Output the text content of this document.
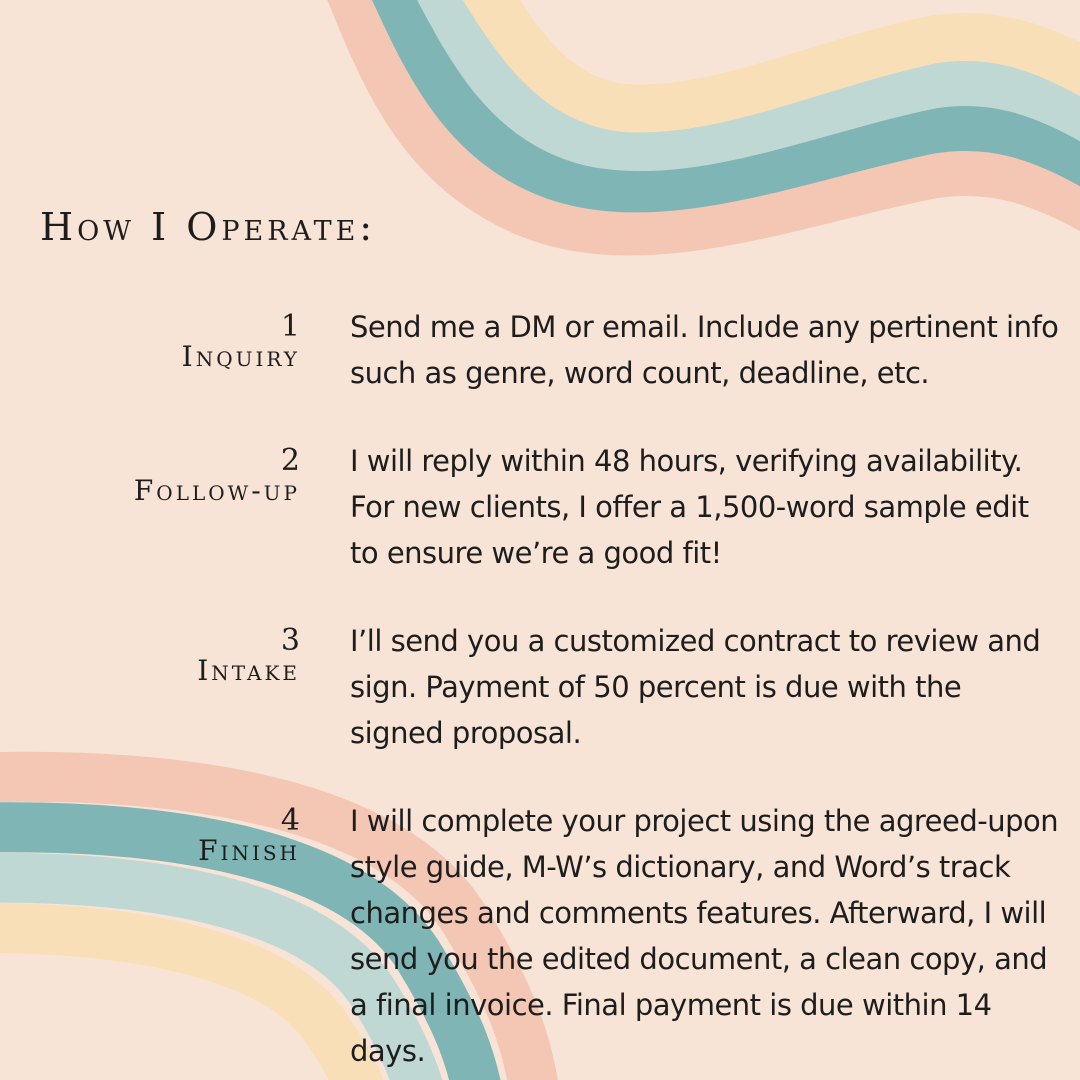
How I Operate:
1
Inquiry

Send me a DM or email. Include any pertinent info such as genre, word count, deadline, etc.

2
Follow-up

I will reply within 48 hours, verifying availability. For new clients, I offer a 1,500-word sample edit to ensure we’re a good fit!

3
Intake

I’ll send you a customized contract to review and sign. Payment of 50 percent is due with the signed proposal.

4
Finish

I will complete your project using the agreed-upon style guide, M-W’s dictionary, and Word’s track changes and comments features. Afterward, I will send you the edited document, a clean copy, and a final invoice. Final payment is due within 14 days.
